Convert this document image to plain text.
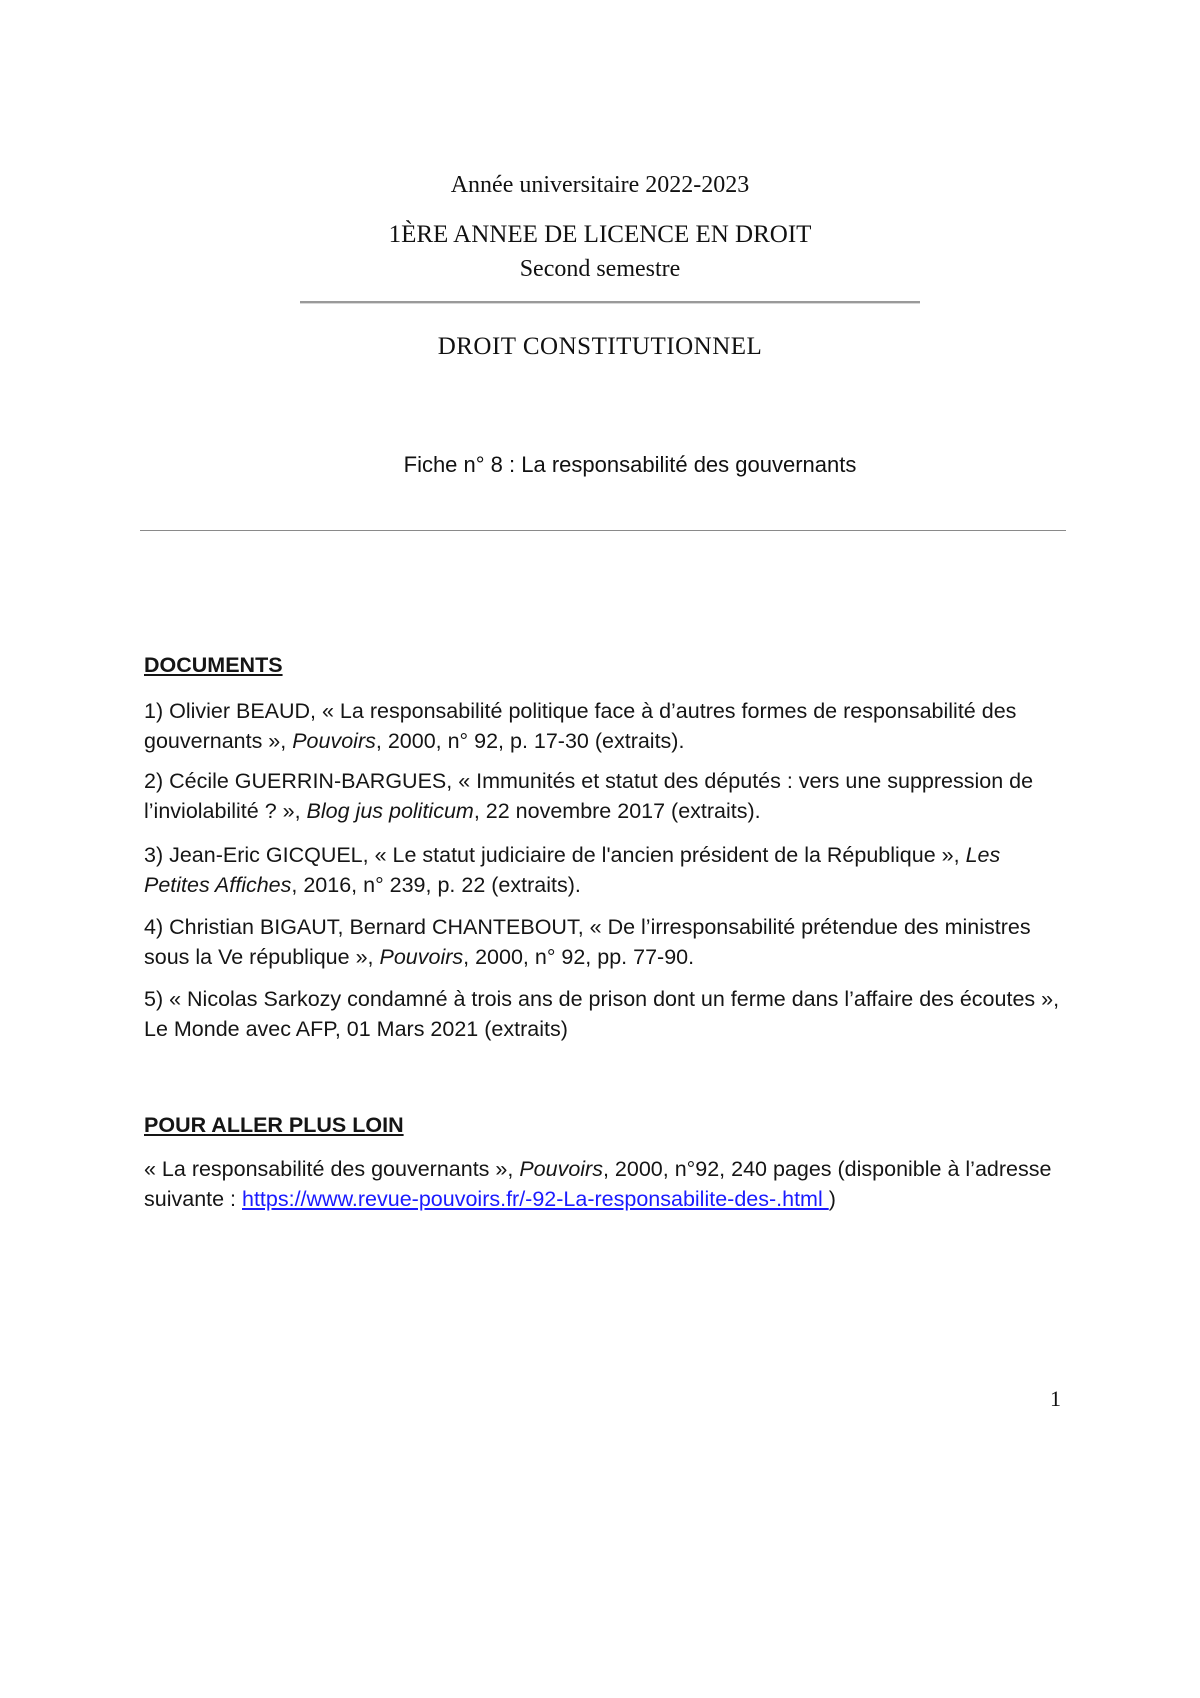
Année universitaire 2022-2023
1ÈRE ANNEE DE LICENCE EN DROIT
Second semestre
DROIT CONSTITUTIONNEL
Fiche n° 8 : La responsabilité des gouvernants
DOCUMENTS

1) Olivier BEAUD, « La responsabilité politique face à d’autres formes de responsabilité des gouvernants », Pouvoirs, 2000, n° 92, p. 17-30 (extraits).

2) Cécile GUERRIN-BARGUES, « Immunités et statut des députés : vers une suppression de l’inviolabilité ? », Blog jus politicum, 22 novembre 2017 (extraits).

3) Jean-Eric GICQUEL, « Le statut judiciaire de l'ancien président de la République », Les Petites Affiches, 2016, n° 239, p. 22 (extraits).

4) Christian BIGAUT, Bernard CHANTEBOUT, « De l’irresponsabilité prétendue des ministres sous la Ve république », Pouvoirs, 2000, n° 92, pp. 77-90.

5) « Nicolas Sarkozy condamné à trois ans de prison dont un ferme dans l’affaire des écoutes », Le Monde avec AFP, 01 Mars 2021 (extraits)

POUR ALLER PLUS LOIN

« La responsabilité des gouvernants », Pouvoirs, 2000, n°92, 240 pages (disponible à l’adresse suivante : https://www.revue-pouvoirs.fr/-92-La-responsabilite-des-.html )

1
